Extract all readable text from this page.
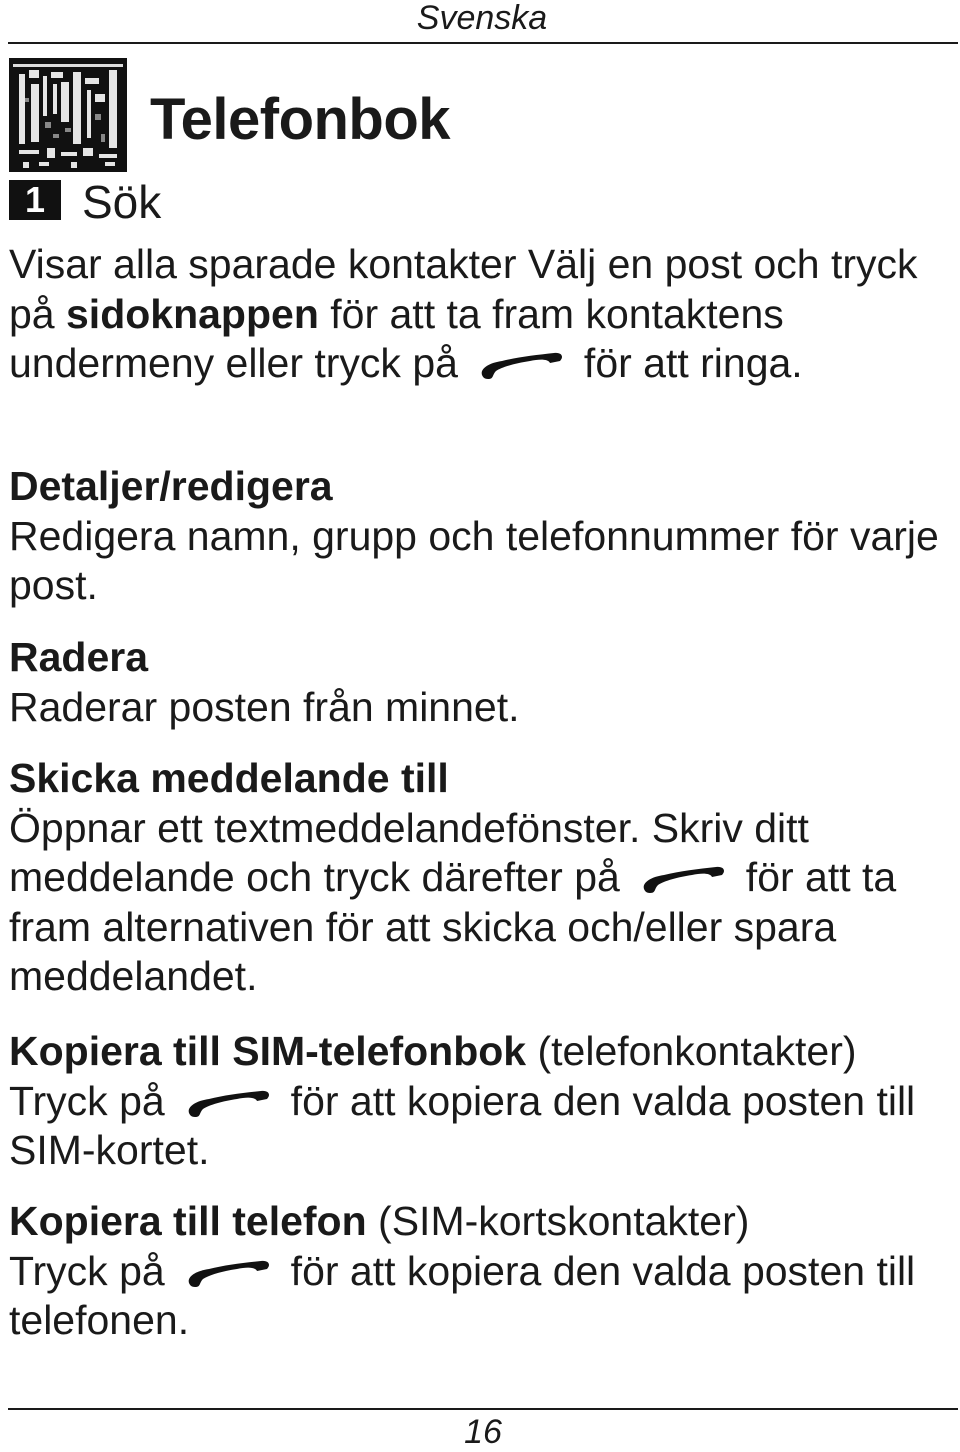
Svenska
Telefonbok
1 Sök

Visar alla sparade kontakter Välj en post och tryck på sidoknappen för att ta fram kontaktens undermeny eller tryck på	för att ringa.

Detaljer/redigera
Redigera namn, grupp och telefonnummer för varje post.

Radera
Raderar posten från minnet.

Skicka meddelande till
Öppnar ett textmeddelandefönster. Skriv ditt meddelande och tryck därefter på	för att ta fram alternativen för att skicka och/eller spara meddelandet.

Kopiera till SIM-telefonbok (telefonkontakter)
Tryck på	för att kopiera den valda posten till SIM-kortet.

Kopiera till telefon (SIM-kortskontakter)
Tryck på	för att kopiera den valda posten till telefonen.

16
